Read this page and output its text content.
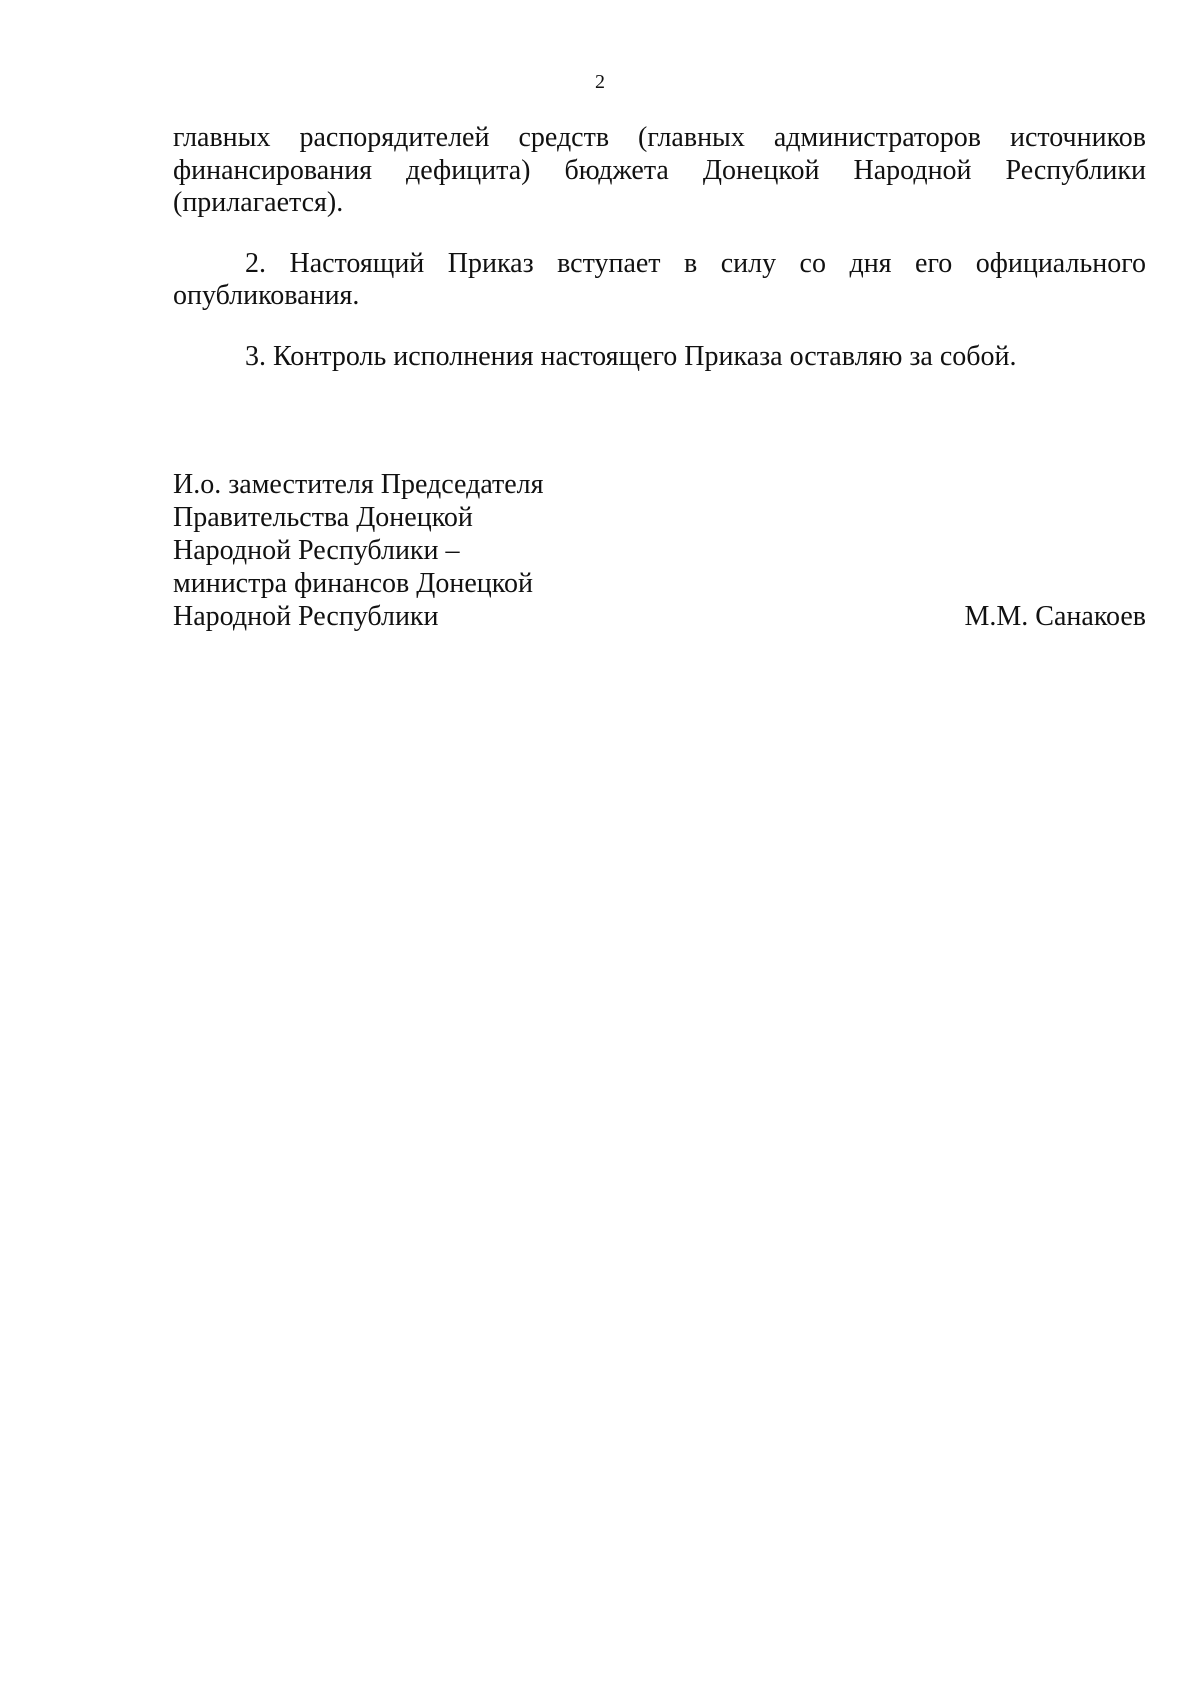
2

главных распорядителей средств (главных администраторов источников финансирования дефицита) бюджета Донецкой Народной Республики (прилагается).

2. Настоящий Приказ вступает в силу со дня его официального опубликования.

3. Контроль исполнения настоящего Приказа оставляю за собой.

И.о. заместителя Председателя
Правительства Донецкой
Народной Республики –
министра финансов Донецкой
Народной Республики	М.М. Санакоев
